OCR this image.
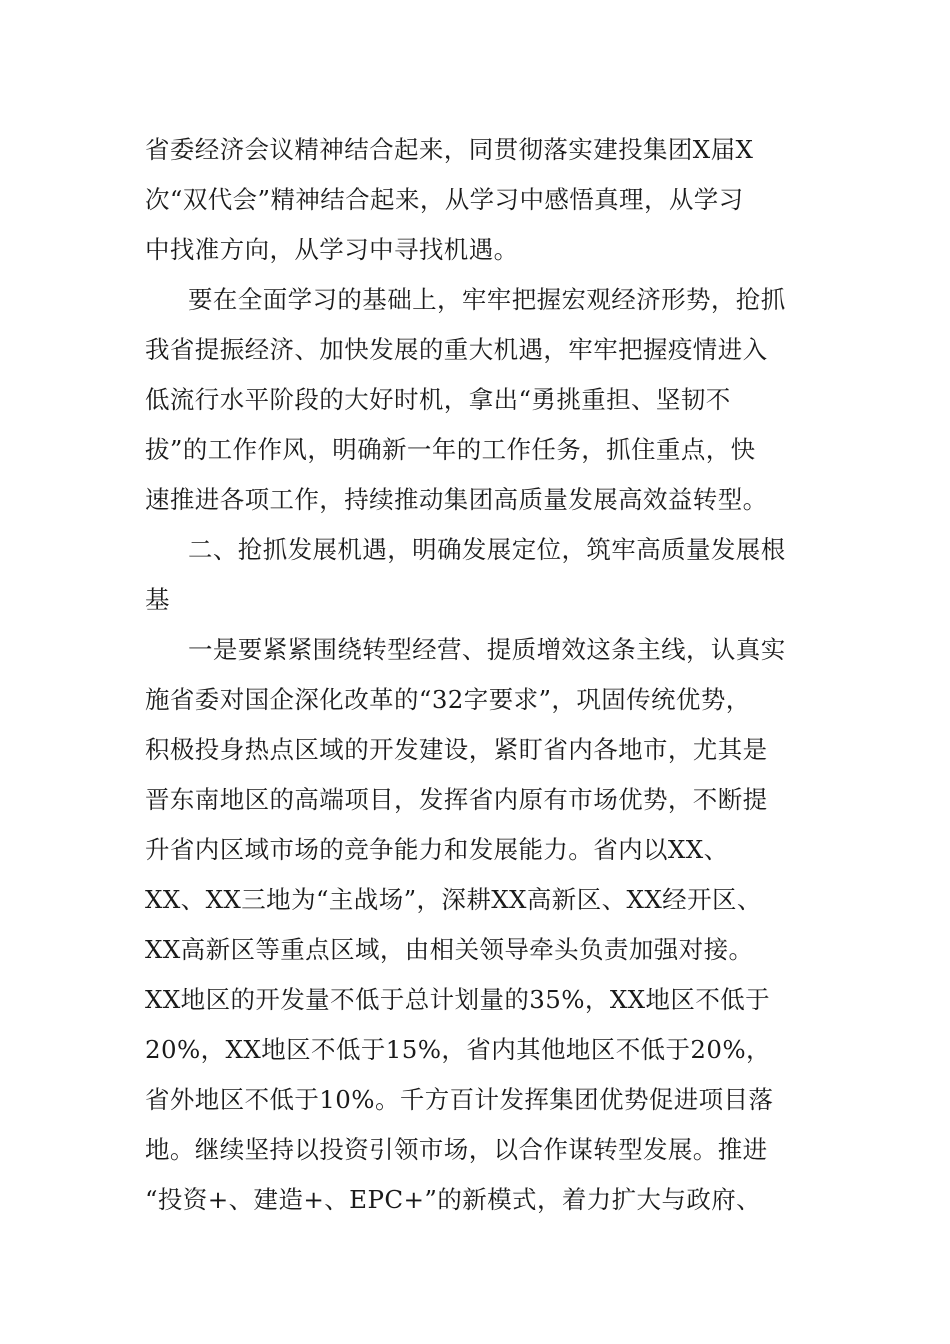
省委经济会议精神结合起来，同贯彻落实建投集团X届X
次“双代会”精神结合起来，从学习中感悟真理，从学习
中找准方向，从学习中寻找机遇。
要在全面学习的基础上，牢牢把握宏观经济形势，抢抓
我省提振经济、加快发展的重大机遇，牢牢把握疫情进入
低流行水平阶段的大好时机，拿出“勇挑重担、坚韧不
拔”的工作作风，明确新一年的工作任务，抓住重点，快
速推进各项工作，持续推动集团高质量发展高效益转型。
二、抢抓发展机遇，明确发展定位，筑牢高质量发展根
基
一是要紧紧围绕转型经营、提质增效这条主线，认真实
施省委对国企深化改革的“32字要求”，巩固传统优势，
积极投身热点区域的开发建设，紧盯省内各地市，尤其是
晋东南地区的高端项目，发挥省内原有市场优势，不断提
升省内区域市场的竞争能力和发展能力。省内以XX、
XX、XX三地为“主战场”，深耕XX高新区、XX经开区、
XX高新区等重点区域，由相关领导牵头负责加强对接。
XX地区的开发量不低于总计划量的35%，XX地区不低于
20%，XX地区不低于15%，省内其他地区不低于20%，
省外地区不低于10%。千方百计发挥集团优势促进项目落
地。继续坚持以投资引领市场，以合作谋转型发展。推进
“投资+、建造+、EPC+”的新模式，着力扩大与政府、
